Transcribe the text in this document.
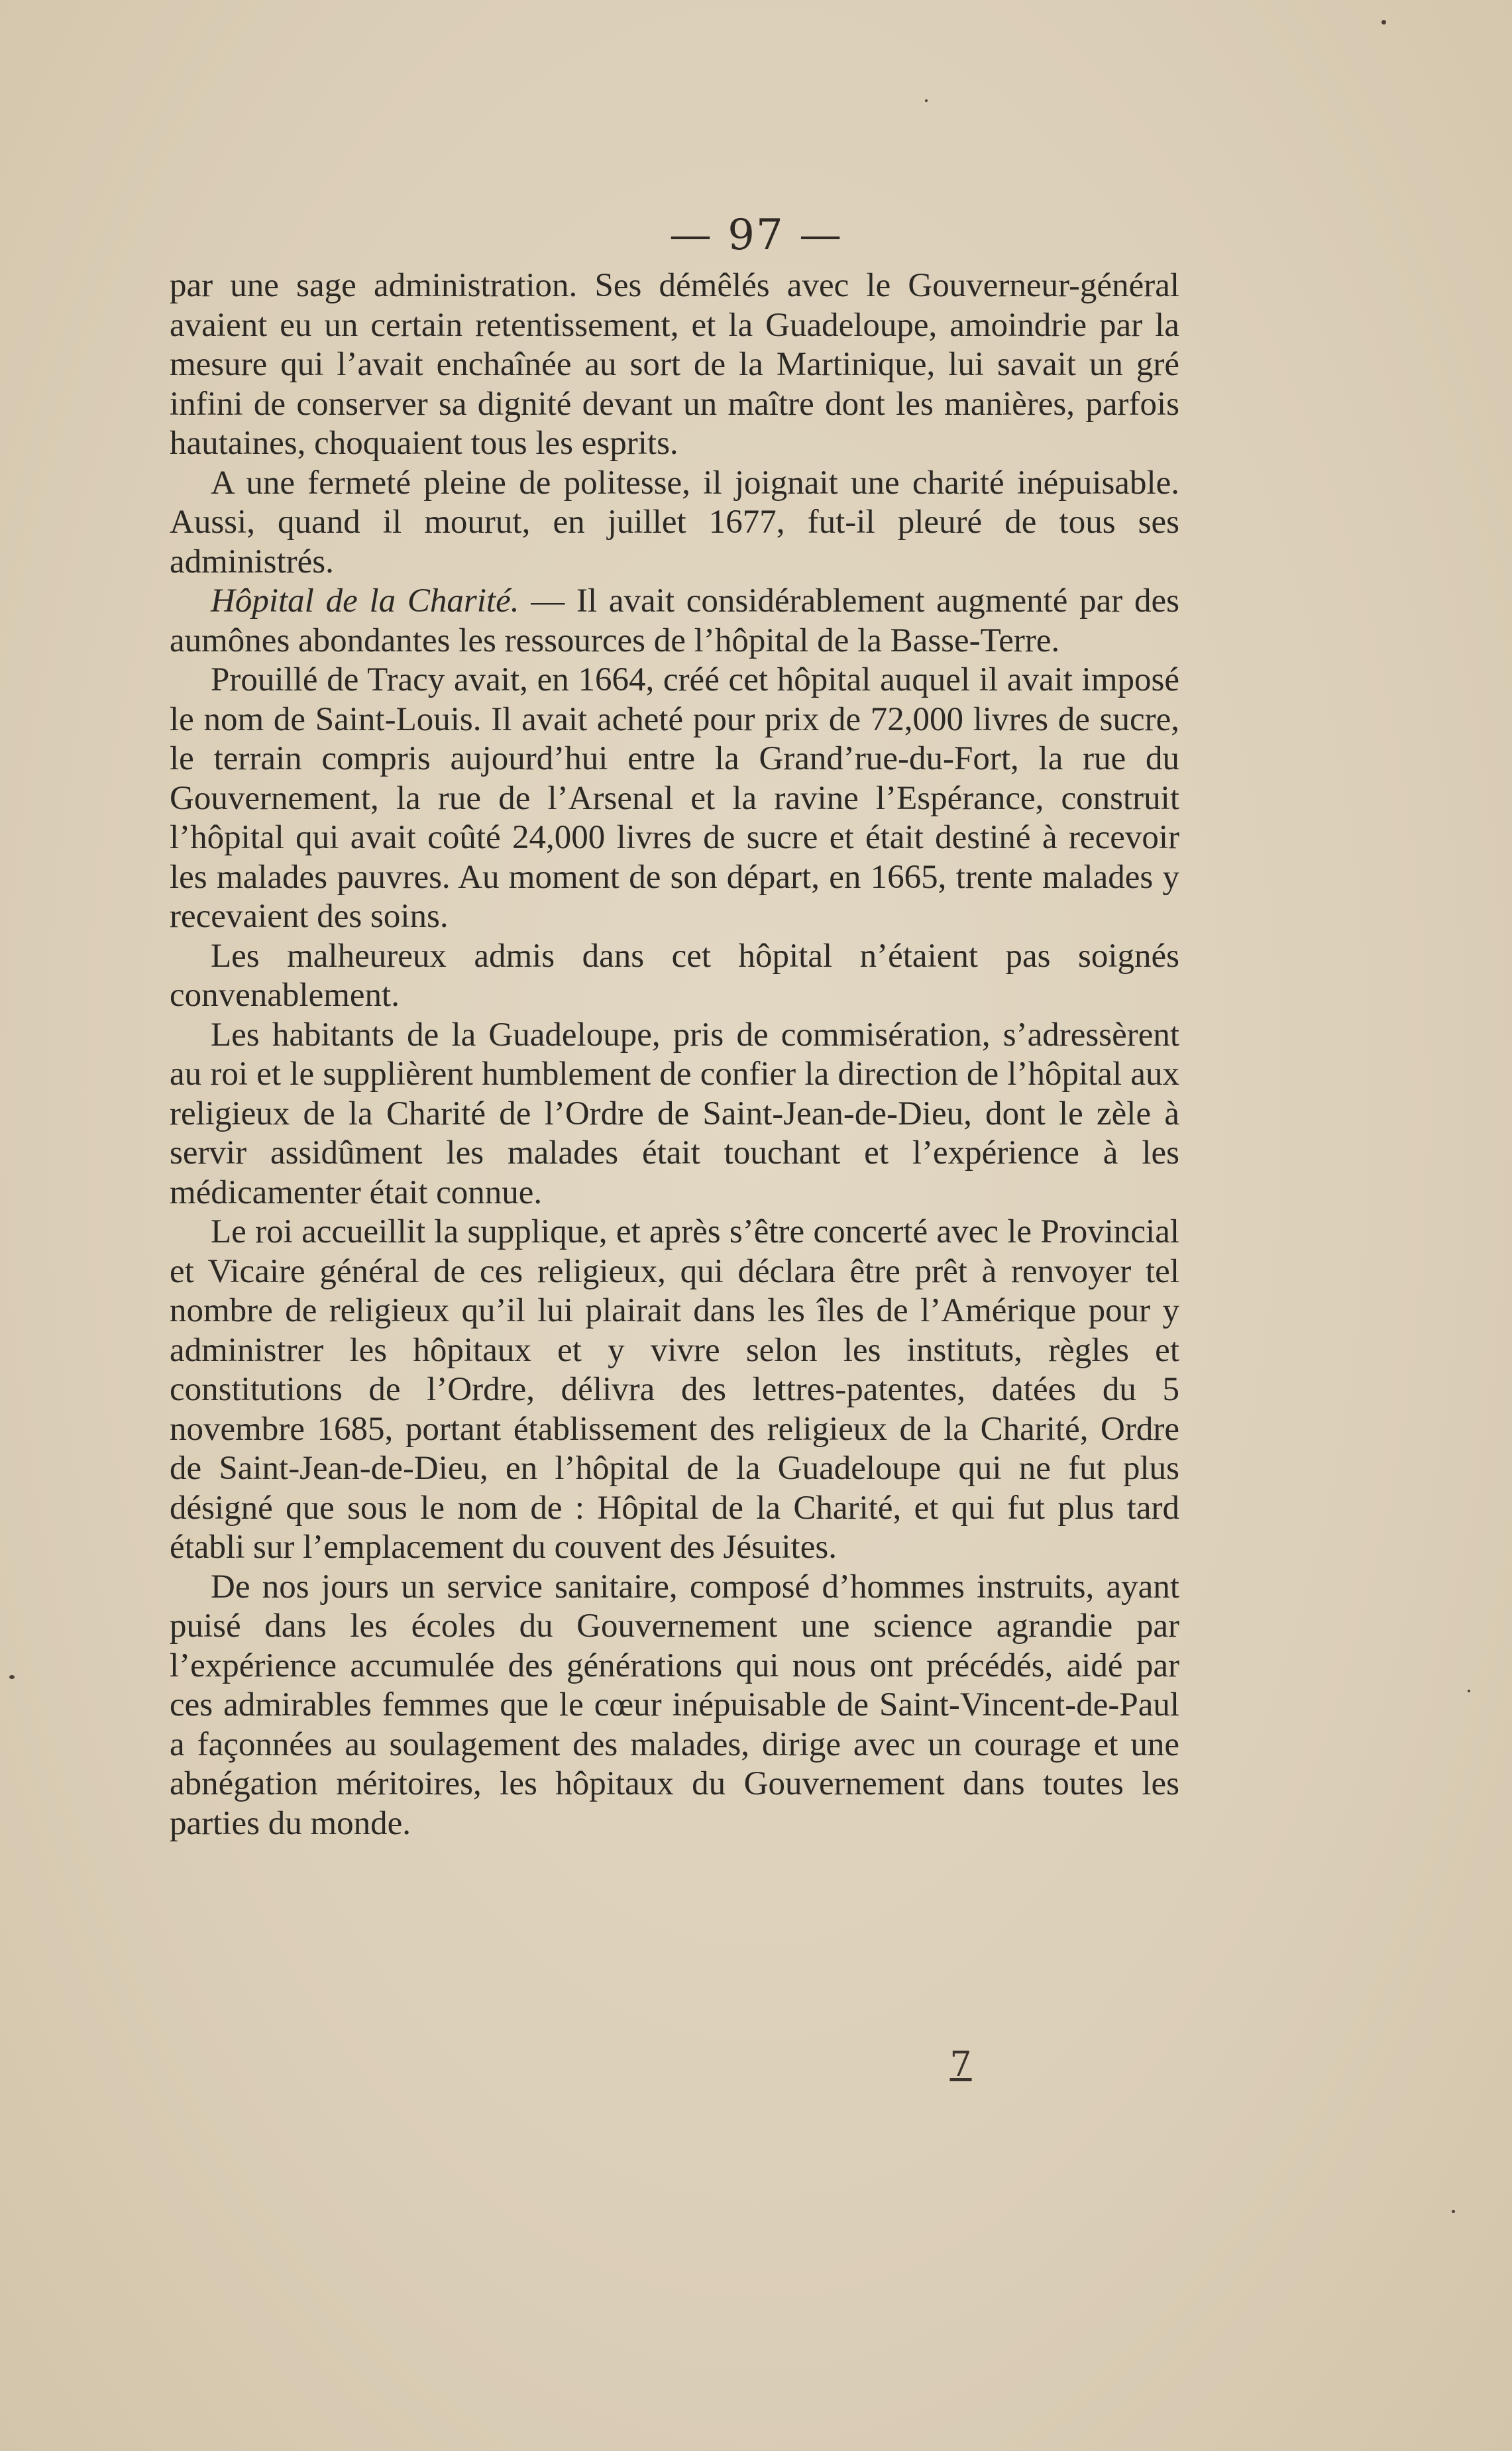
— 97 —

par une sage administration. Ses démêlés avec le Gouverneur-général avaient eu un certain retentissement, et la Guadeloupe, amoindrie par la mesure qui l’avait enchaînée au sort de la Martinique, lui savait un gré infini de conserver sa dignité devant un maître dont les manières, parfois hautaines, choquaient tous les esprits.

A une fermeté pleine de politesse, il joignait une charité inépuisable. Aussi, quand il mourut, en juillet 1677, fut-il pleuré de tous ses administrés.

Hôpital de la Charité. — Il avait considérablement augmenté par des aumônes abondantes les ressources de l’hôpital de la Basse-Terre.

Prouillé de Tracy avait, en 1664, créé cet hôpital auquel il avait imposé le nom de Saint-Louis. Il avait acheté pour prix de 72,000 livres de sucre, le terrain compris aujourd’hui entre la Grand’rue-du-Fort, la rue du Gouvernement, la rue de l’Arsenal et la ravine l’Espérance, construit l’hôpital qui avait coûté 24,000 livres de sucre et était destiné à recevoir les malades pauvres. Au moment de son départ, en 1665, trente malades y recevaient des soins.

Les malheureux admis dans cet hôpital n’étaient pas soignés convenablement.

Les habitants de la Guadeloupe, pris de commisération, s’adressèrent au roi et le supplièrent humblement de confier la direction de l’hôpital aux religieux de la Charité de l’Ordre de Saint-Jean-de-Dieu, dont le zèle à servir assidûment les malades était touchant et l’expérience à les médicamenter était connue.

Le roi accueillit la supplique, et après s’être concerté avec le Provincial et Vicaire général de ces religieux, qui déclara être prêt à renvoyer tel nombre de religieux qu’il lui plairait dans les îles de l’Amérique pour y administrer les hôpitaux et y vivre selon les instituts, règles et constitutions de l’Ordre, délivra des lettres-patentes, datées du 5 novembre 1685, portant établissement des religieux de la Charité, Ordre de Saint-Jean-de-Dieu, en l’hôpital de la Guadeloupe qui ne fut plus désigné que sous le nom de : Hôpital de la Charité, et qui fut plus tard établi sur l’emplacement du couvent des Jésuites.

De nos jours un service sanitaire, composé d’hommes instruits, ayant puisé dans les écoles du Gouvernement une science agrandie par l’expérience accumulée des générations qui nous ont précédés, aidé par ces admirables femmes que le cœur inépuisable de Saint-Vincent-de-Paul a façonnées au soulagement des malades, dirige avec un courage et une abnégation méritoires, les hôpitaux du Gouvernement dans toutes les parties du monde.

7
